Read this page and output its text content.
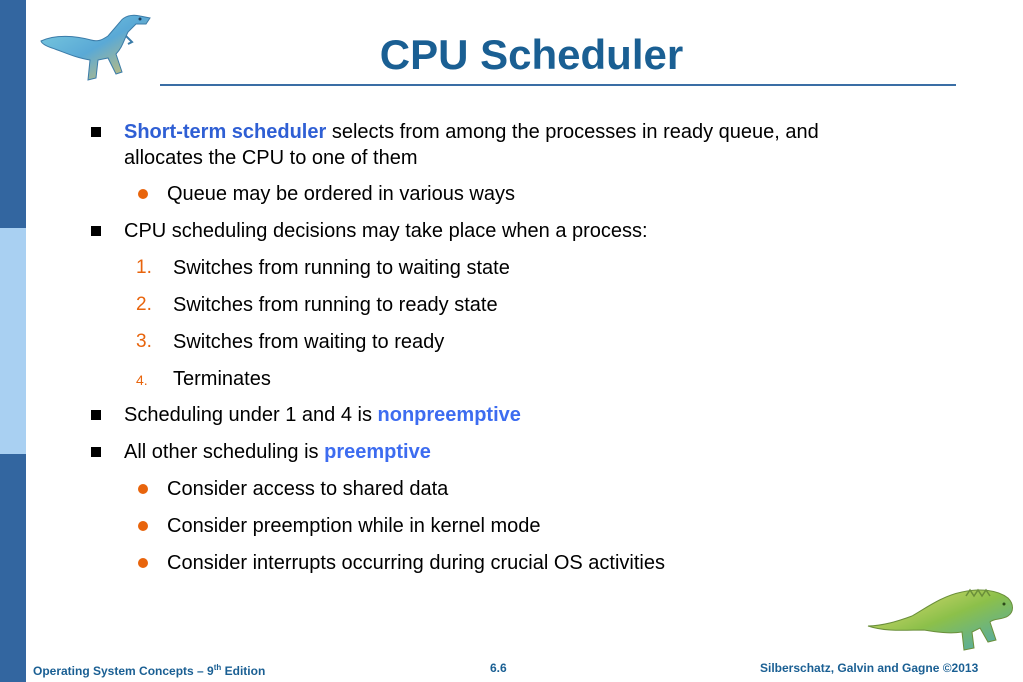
CPU Scheduler
Short-term scheduler selects from among the processes in ready queue, and
allocates the CPU to one of them
Queue may be ordered in various ways
CPU scheduling decisions may take place when a process:
1. Switches from running to waiting state
2. Switches from running to ready state
3. Switches from waiting to ready
4. Terminates
Scheduling under 1 and 4 is nonpreemptive
All other scheduling is preemptive
Consider access to shared data
Consider preemption while in kernel mode
Consider interrupts occurring during crucial OS activities
Operating System Concepts – 9th Edition	6.6	Silberschatz, Galvin and Gagne ©2013
